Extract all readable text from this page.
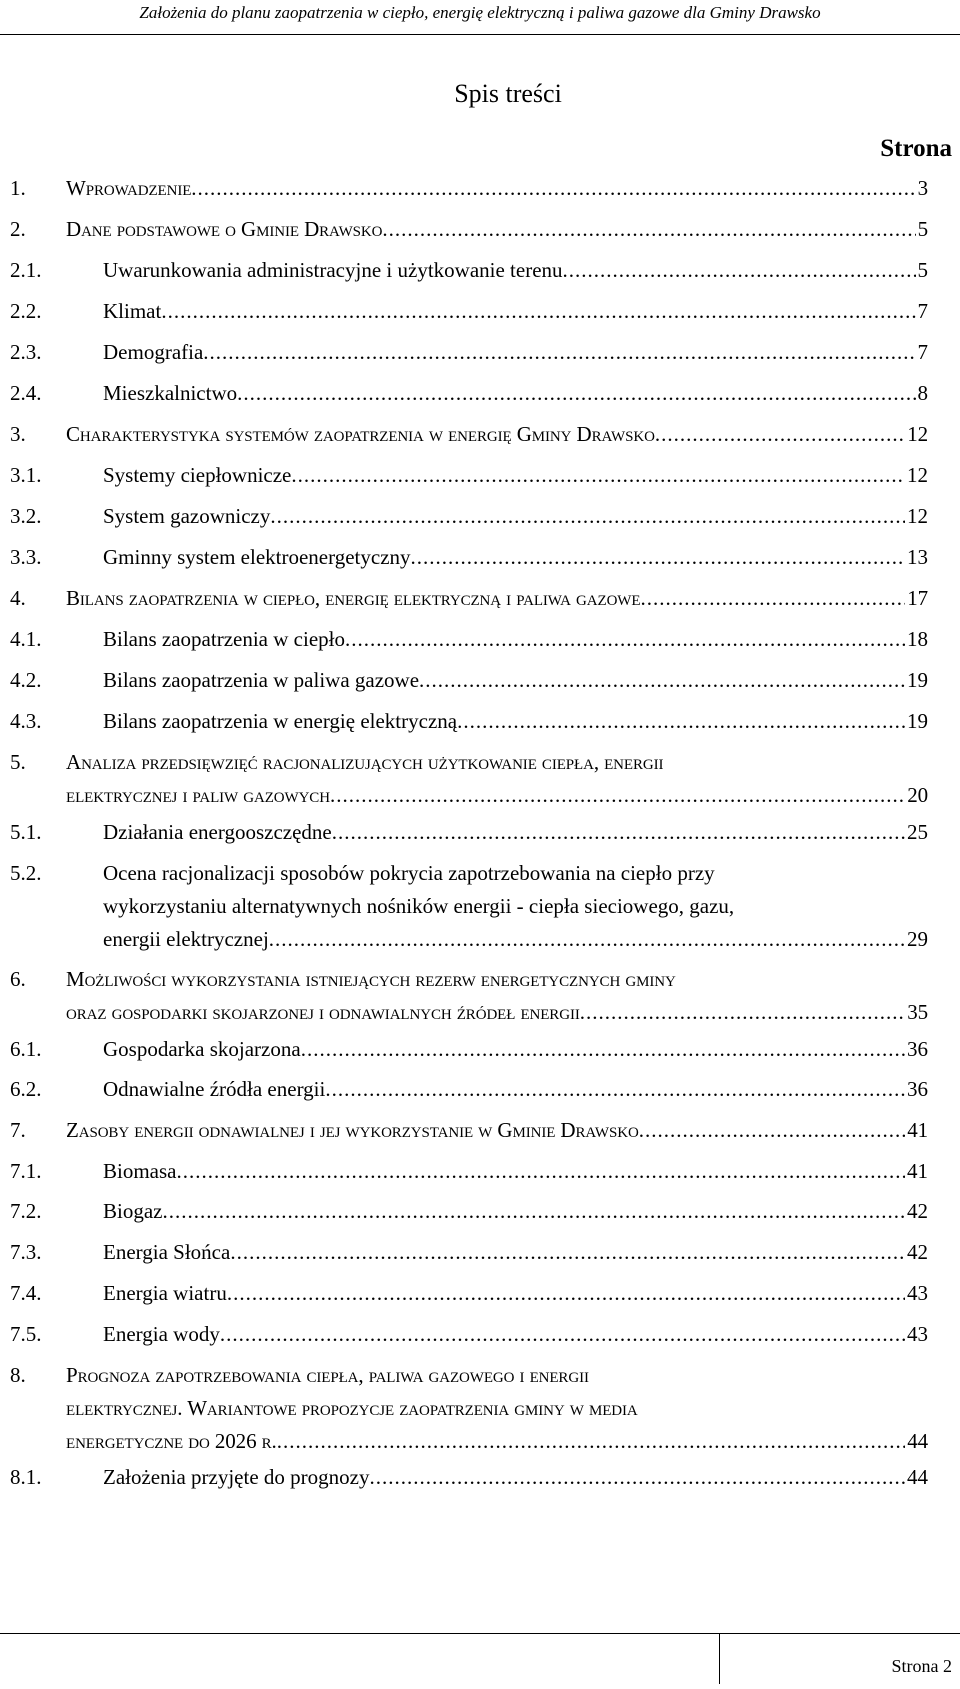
Założenia do planu zaopatrzenia w ciepło, energię elektryczną i paliwa gazowe dla Gminy Drawsko
Spis treści
Strona
1. Wprowadzenie .....	3
2. Dane podstawowe o Gminie Drawsko .....	5
2.1.	Uwarunkowania administracyjne i użytkowanie terenu .....	5
2.2.	Klimat .....	7
2.3.	Demografia .....	7
2.4.	Mieszkalnictwo .....	8
3. Charakterystyka systemów zaopatrzenia w energię Gminy Drawsko .....	12
3.1.	Systemy ciepłownicze .....	12
3.2.	System gazowniczy .....	12
3.3.	Gminny system elektroenergetyczny .....	13
4. Bilans zaopatrzenia w ciepło, energię elektryczną i paliwa gazowe .....	17
4.1.	Bilans zaopatrzenia w ciepło .....	18
4.2.	Bilans zaopatrzenia w paliwa gazowe .....	19
4.3.	Bilans zaopatrzenia w energię elektryczną .....	19
5. Analiza przedsięwzięć racjonalizujących użytkowanie ciepła, energii
elektrycznej i paliw gazowych .....	20
5.1.	Działania energooszczędne .....	25
5.2.	Ocena racjonalizacji sposobów pokrycia zapotrzebowania na ciepło przy
wykorzystaniu alternatywnych nośników energii - ciepła sieciowego, gazu,
energii elektrycznej .....	29
6. Możliwości wykorzystania istniejących rezerw energetycznych gminy
oraz gospodarki skojarzonej i odnawialnych źródeł energii .....	35
6.1.	Gospodarka skojarzona .....	36
6.2.	Odnawialne źródła energii .....	36
7. Zasoby energii odnawialnej i jej wykorzystanie w Gminie Drawsko .....	41
7.1.	Biomasa .....	41
7.2.	Biogaz .....	42
7.3.	Energia Słońca .....	42
7.4.	Energia wiatru .....	43
7.5.	Energia wody .....	43
8. Prognoza zapotrzebowania ciepła, paliwa gazowego i energii
elektrycznej. Wariantowe propozycje zaopatrzenia gminy w media
energetyczne do 2026 r. .....	44
8.1.	Założenia przyjęte do prognozy .....	44
Strona 2
